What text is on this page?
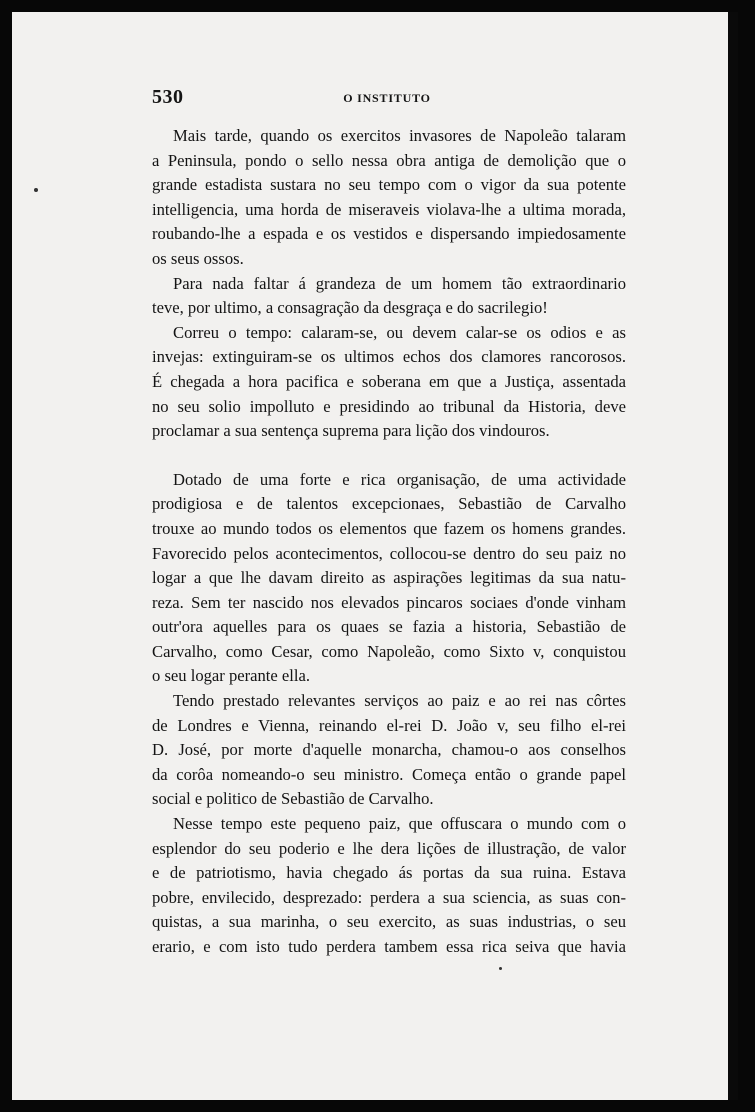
530	O INSTITUTO
Mais tarde, quando os exercitos invasores de Napoleão talaram
a Peninsula, pondo o sello nessa obra antiga de demolição que o
grande estadista sustara no seu tempo com o vigor da sua potente
intelligencia, uma horda de miseraveis violava-lhe a ultima morada,
roubando-lhe a espada e os vestidos e dispersando impiedosamente
os seus ossos.
Para nada faltar á grandeza de um homem tão extraordinario
teve, por ultimo, a consagração da desgraça e do sacrilegio!
Correu o tempo: calaram-se, ou devem calar-se os odios e as
invejas: extinguiram-se os ultimos echos dos clamores rancorosos.
É chegada a hora pacifica e soberana em que a Justiça, assentada
no seu solio impolluto e presidindo ao tribunal da Historia, deve
proclamar a sua sentença suprema para lição dos vindouros.
Dotado de uma forte e rica organisação, de uma actividade
prodigiosa e de talentos excepcionaes, Sebastião de Carvalho
trouxe ao mundo todos os elementos que fazem os homens grandes.
Favorecido pelos acontecimentos, collocou-se dentro do seu paiz no
logar a que lhe davam direito as aspirações legitimas da sua natu-
reza. Sem ter nascido nos elevados pincaros sociaes d'onde vinham
outr'ora aquelles para os quaes se fazia a historia, Sebastião de
Carvalho, como Cesar, como Napoleão, como Sixto v, conquistou
o seu logar perante ella.
Tendo prestado relevantes serviços ao paiz e ao rei nas côrtes
de Londres e Vienna, reinando el-rei D. João v, seu filho el-rei
D. José, por morte d'aquelle monarcha, chamou-o aos conselhos
da corôa nomeando-o seu ministro. Começa então o grande papel
social e politico de Sebastião de Carvalho.
Nesse tempo este pequeno paiz, que offuscara o mundo com o
esplendor do seu poderio e lhe dera lições de illustração, de valor
e de patriotismo, havia chegado ás portas da sua ruina. Estava
pobre, envilecido, desprezado: perdera a sua sciencia, as suas con-
quistas, a sua marinha, o seu exercito, as suas industrias, o seu
erario, e com isto tudo perdera tambem essa rica seiva que havia
